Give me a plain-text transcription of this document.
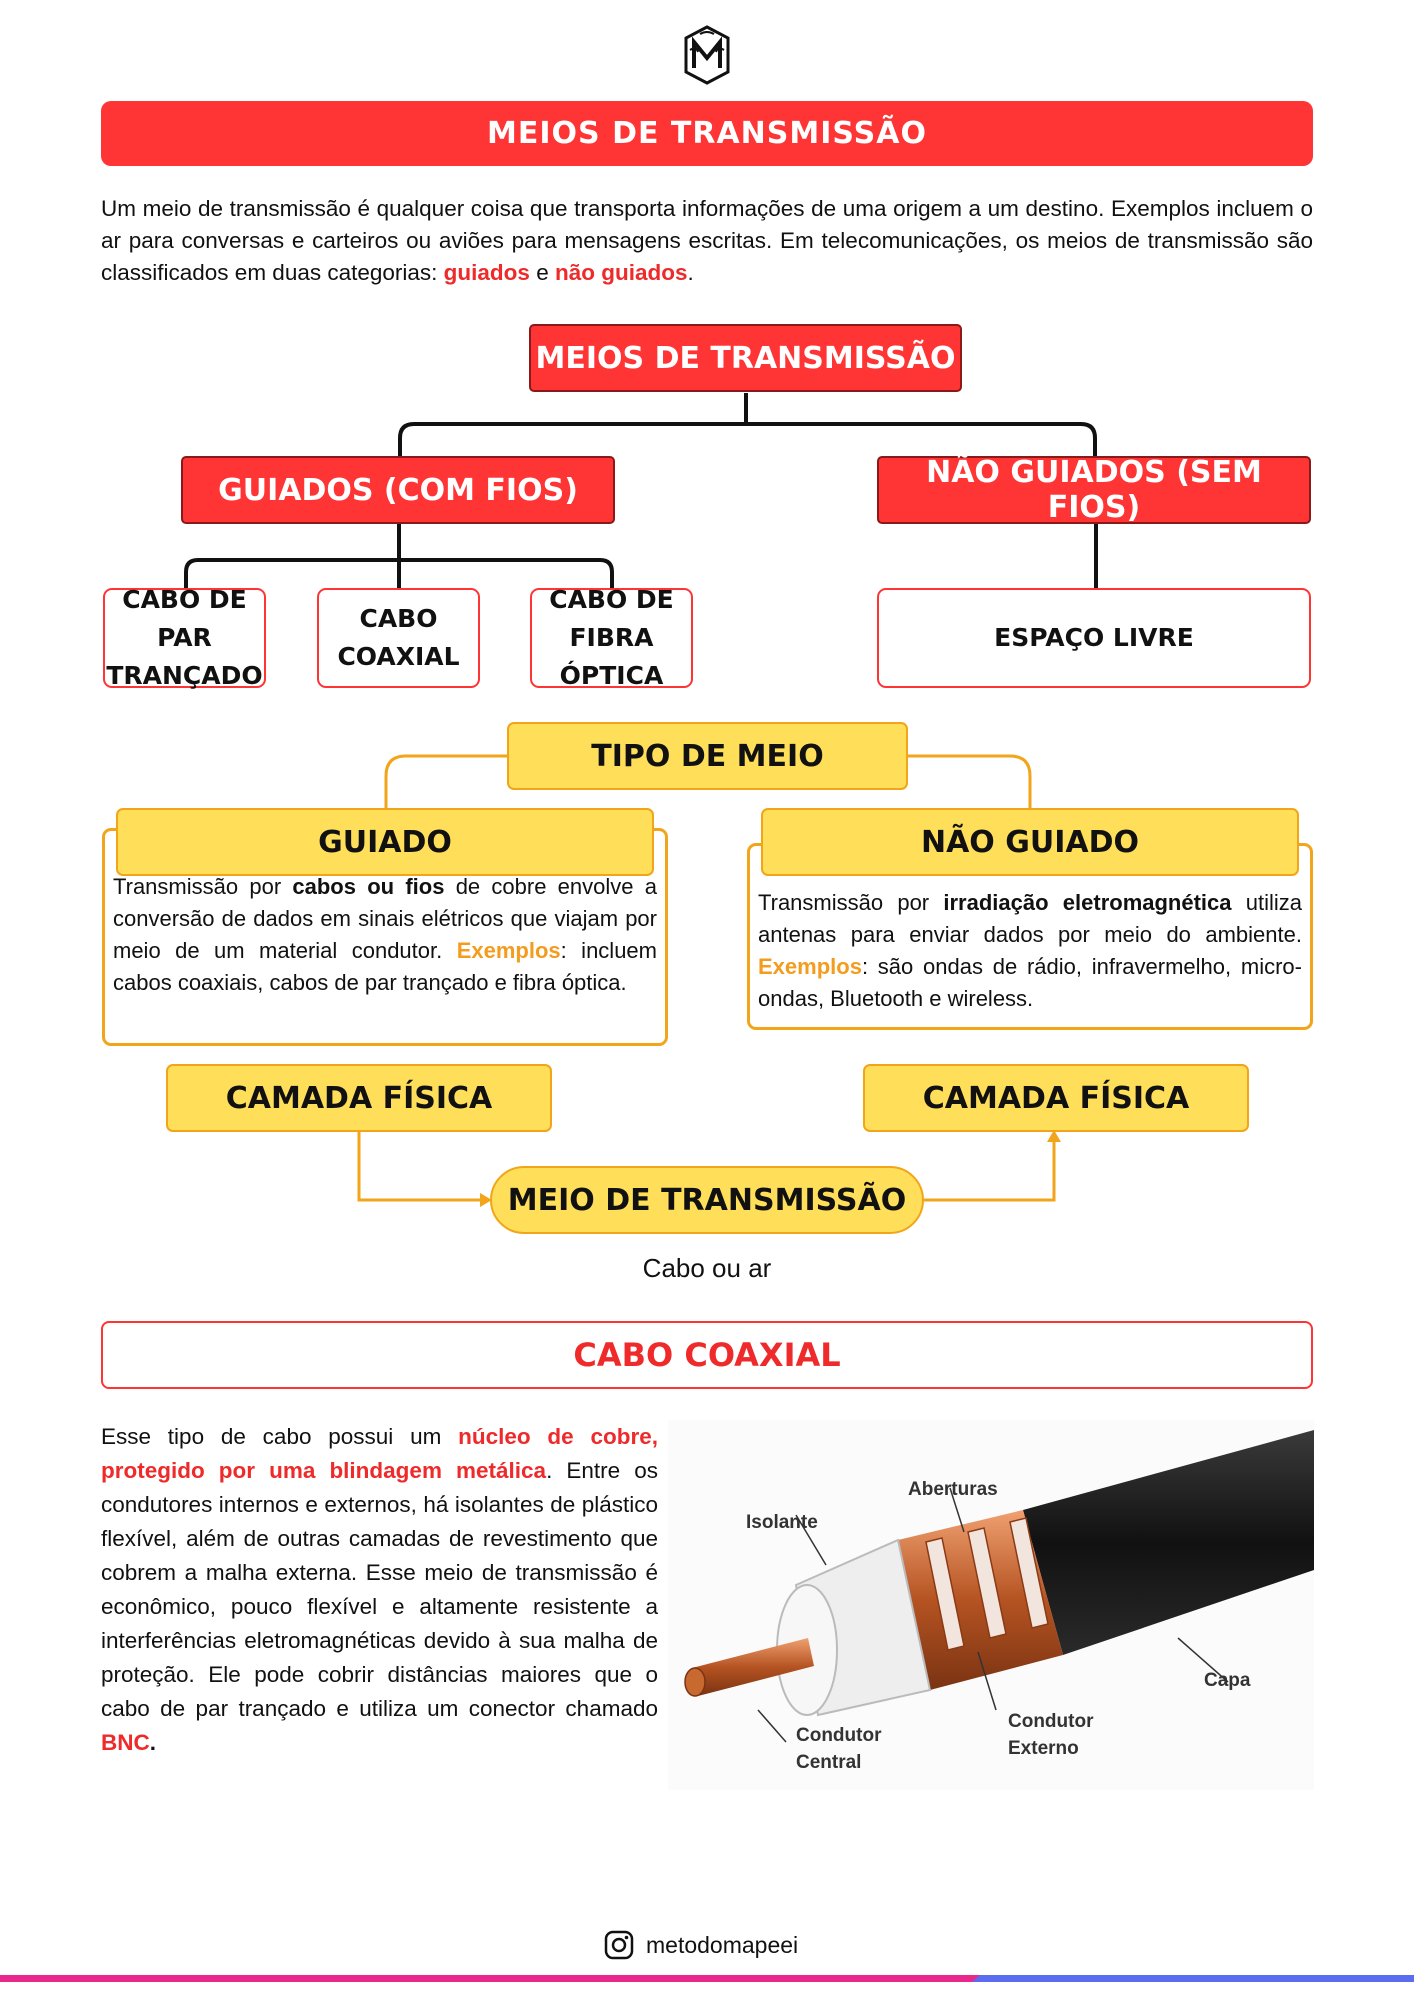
MEIOS DE TRANSMISSÃO

Um meio de transmissão é qualquer coisa que transporta informações de uma origem a um destino. Exemplos incluem o ar para conversas e carteiros ou aviões para mensagens escritas. Em telecomunicações, os meios de transmissão são classificados em duas categorias: guiados e não guiados.

MEIOS DE TRANSMISSÃO
GUIADOS (COM FIOS)	NÃO GUIADOS (SEM FIOS)
CABO DE PAR TRANÇADO
CABO COAXIAL
CABO DE FIBRA ÓPTICA
ESPAÇO LIVRE
TIPO DE MEIO
GUIADO

Transmissão por cabos ou fios de cobre envolve a conversão de dados em sinais elétricos que viajam por meio de um material condutor. Exemplos: incluem cabos coaxiais, cabos de par trançado e fibra óptica.

NÃO GUIADO

Transmissão por irradiação eletromagnética utiliza antenas para enviar dados por meio do ambiente. Exemplos: são ondas de rádio, infravermelho, micro-ondas, Bluetooth e wireless.

CAMADA FÍSICA	CAMADA FÍSICA
MEIO DE TRANSMISSÃO
Cabo ou ar
CABO COAXIAL

Esse tipo de cabo possui um núcleo de cobre, protegido por uma blindagem metálica. Entre os condutores internos e externos, há isolantes de plástico flexível, além de outras camadas de revestimento que cobrem a malha externa. Esse meio de transmissão é econômico, pouco flexível e altamente resistente a interferências eletromagnéticas devido à sua malha de proteção. Ele pode cobrir distâncias maiores que o cabo de par trançado e utiliza um conector chamado BNC.

Isolante
Aberturas
Capa
Condutor
Externo
Condutor
Central
metodomapeei
